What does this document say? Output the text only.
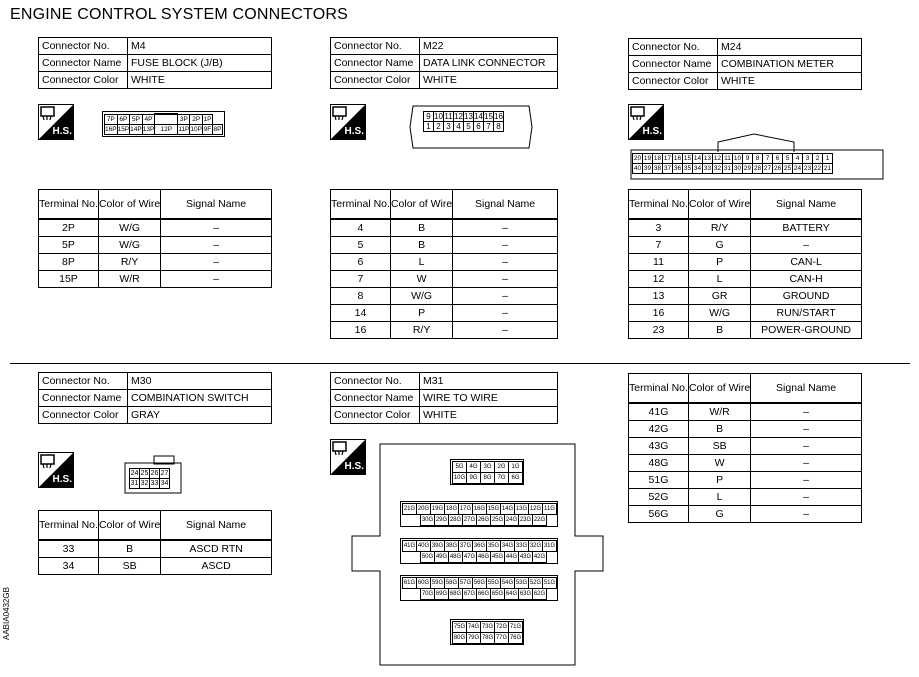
ENGINE CONTROL SYSTEM CONNECTORS
AABIA0432GB
Connector No.	M4
Connector Name	FUSE BLOCK (J/B)
Connector Color	WHITE
Connector No.	M22
Connector Name	DATA LINK CONNECTOR
Connector Color	WHITE
Connector No.	M24
Connector Name	COMBINATION METER
Connector Color	WHITE
Connector No.	M30
Connector Name	COMBINATION SWITCH
Connector Color	GRAY
Connector No.	M31
Connector Name	WIRE TO WIRE
Connector Color	WHITE
H.S.	H.S.	H.S.
H.S.
H.S.
7P	6P	5P	4P		3P	2P	1P	
16P	15P	14P	13P	12P	11P	10P	9F	8P
9	10	11	12	13	14	15	16
1	2	3	4	5	6	7	8
20	19	18	17	16	15	14	13	12	11	10	9	8	7	6	5	4	3	2	1
40	39	38	37	36	35	34	33	32	31	30	29	28	27	26	25	24	23	22	21
24	25	26	27
31	32	33	34
5G 4G 3G 2G 1G
10G 9G 8G 7G 6G
21G 20G 19G 18G 17G 16G 15G 14G 13G 12G 11G
30G 29G 28G 27G 26G 25G 24G 23G 22G
41G 40G 39G 38G 37G 36G 35G 34G 33G 32G 31G
50G 49G 48G 47G 46G 45G 44G 43G 42G
61G 60G 59G 58G 57G 56G 55G 54G 53G 52G 51G
70G 69G 68G 67G 66G 65G 64G 63G 62G
75G 74G 73G 72G 71G
80G 79G 78G 77G 76G
Terminal No.	Color of Wire	Signal Name
2P	W/G	–
5P	W/G	–
8P	R/Y	–
15P	W/R	–
Terminal No.	Color of Wire	Signal Name
4	B	–
5	B	–
6	L	–
7	W	–
8	W/G	–
14	P	–
16	R/Y	–
Terminal No.	Color of Wire	Signal Name
3	R/Y	BATTERY
7	G	–
11	P	CAN-L
12	L	CAN-H
13	GR	GROUND
16	W/G	RUN/START
23	B	POWER-GROUND
Terminal No.	Color of Wire	Signal Name
33	B	ASCD RTN
34	SB	ASCD
Terminal No.	Color of Wire	Signal Name
41G	W/R	–
42G	B	–
43G	SB	–
48G	W	–
51G	P	–
52G	L	–
56G	G	–
